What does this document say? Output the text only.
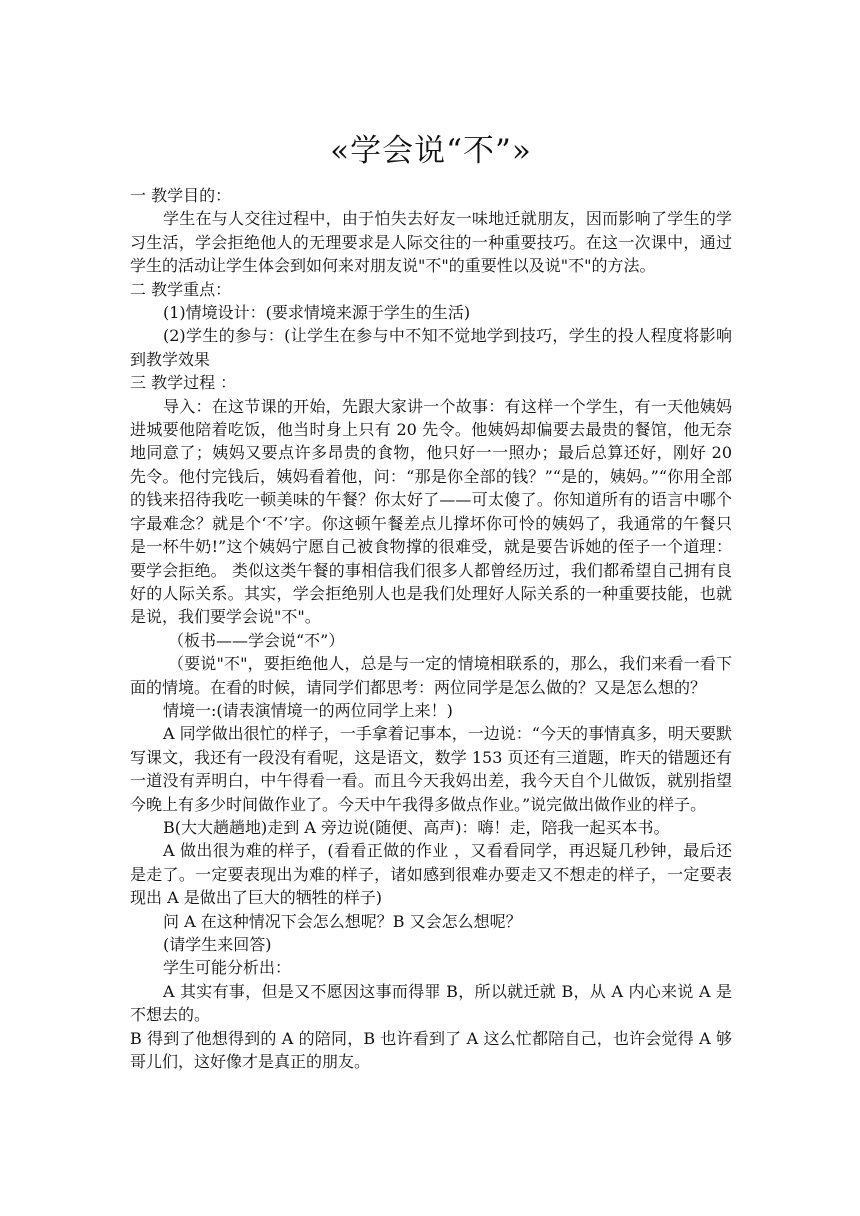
«学会说“不”»

一 教学目的：

学生在与人交往过程中，由于怕失去好友一味地迁就朋友，因而影响了学生的学习生活，学会拒绝他人的无理要求是人际交往的一种重要技巧。在这一次课中，通过学生的活动让学生体会到如何来对朋友说"不"的重要性以及说"不"的方法。

二 教学重点：

(1)情境设计：(要求情境来源于学生的生活)

(2)学生的参与：(让学生在参与中不知不觉地学到技巧，学生的投人程度将影响到教学效果

三 教学过程 ：

导入：在这节课的开始，先跟大家讲一个故事：有这样一个学生，有一天他姨妈进城要他陪着吃饭，他当时身上只有 20 先令。他姨妈却偏要去最贵的餐馆，他无奈地同意了；姨妈又要点许多昂贵的食物，他只好一一照办；最后总算还好，刚好 20 先令。他付完钱后，姨妈看着他，问：“那是你全部的钱？”“是的，姨妈。”“你用全部的钱来招待我吃一顿美味的午餐？你太好了——可太傻了。你知道所有的语言中哪个字最难念？就是个‘不’字。你这顿午餐差点儿撑坏你可怜的姨妈了，我通常的午餐只是一杯牛奶!”这个姨妈宁愿自己被食物撑的很难受，就是要告诉她的侄子一个道理：要学会拒绝。 类似这类午餐的事相信我们很多人都曾经历过，我们都希望自己拥有良好的人际关系。其实，学会拒绝别人也是我们处理好人际关系的一种重要技能，也就是说，我们要学会说"不"。

（板书——学会说“不”）

（要说"不"，要拒绝他人，总是与一定的情境相联系的，那么，我们来看一看下面的情境。在看的时候，请同学们都思考：两位同学是怎么做的？又是怎么想的？

情境一:(请表演情境一的两位同学上来！)

A 同学做出很忙的样子，一手拿着记事本，一边说：“今天的事情真多，明天要默写课文，我还有一段没有看呢，这是语文，数学 153 页还有三道题，昨天的错题还有一道没有弄明白，中午得看一看。而且今天我妈出差，我今天自个儿做饭，就别指望今晚上有多少时间做作业了。今天中午我得多做点作业。”说完做出做作业的样子。

B(大大趟趟地)走到 A 旁边说(随便、高声)：嗨！走，陪我一起买本书。

A 做出很为难的样子，(看看正做的作业 ，又看看同学，再迟疑几秒钟，最后还是走了。一定要表现出为难的样子，诸如感到很难办要走又不想走的样子，一定要表现出 A 是做出了巨大的牺牲的样子)

问 A 在这种情况下会怎么想呢？B 又会怎么想呢？

(请学生来回答)

学生可能分析出：

A 其实有事，但是又不愿因这事而得罪 B，所以就迁就 B，从 A 内心来说 A 是不想去的。

B 得到了他想得到的 A 的陪同，B 也许看到了 A 这么忙都陪自己，也许会觉得 A 够哥儿们，这好像才是真正的朋友。
